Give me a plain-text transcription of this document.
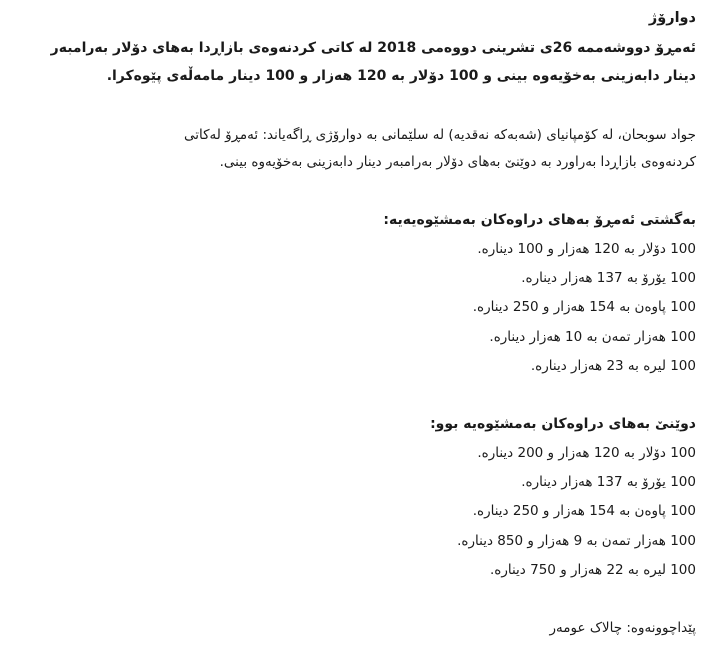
دوارۆژ
ئەمڕۆ دووشەممە 26ی تشرینی دووەمی 2018 لە کاتی کردنەوەی بازاڕدا بەهای دۆلار بەرامبەر
دینار دابەزینی بەخۆیەوە بینی و 100 دۆلار بە 120 هەزار و 100 دینار مامەڵەی پێوەکرا.
جواد سوبحان، لە کۆمپانیای (شەبەکە نەقدیە) لە سلێمانی بە دوارۆژی ڕاگەیاند: ئەمڕۆ لەکاتی
کردنەوەی بازاڕدا بەراورد بە دوێنێ بەهای دۆلار بەرامبەر دینار دابەزینی بەخۆیەوە بینی.
بەگشتی ئەمڕۆ بەهای دراوەکان بەمشێوەیەیە:
100 دۆلار بە 120 هەزار و 100 دینارە.
100 یۆرۆ بە 137 هەزار دینارە.
100 پاوەن بە 154 هەزار و 250 دینارە.
100 هەزار تمەن بە 10 هەزار دینارە.
100 لیرە بە 23 هەزار دینارە.
دوێنێ بەهای دراوەکان بەمشێوەیە بوو:
100 دۆلار بە 120 هەزار و 200 دینارە.
100 یۆرۆ بە 137 هەزار دینارە.
100 پاوەن بە 154 هەزار و 250 دینارە.
100 هەزار تمەن بە 9 هەزار و 850 دینارە.
100 لیرە بە 22 هەزار و 750 دینارە.
پێداچوونەوە: چالاک عومەر
